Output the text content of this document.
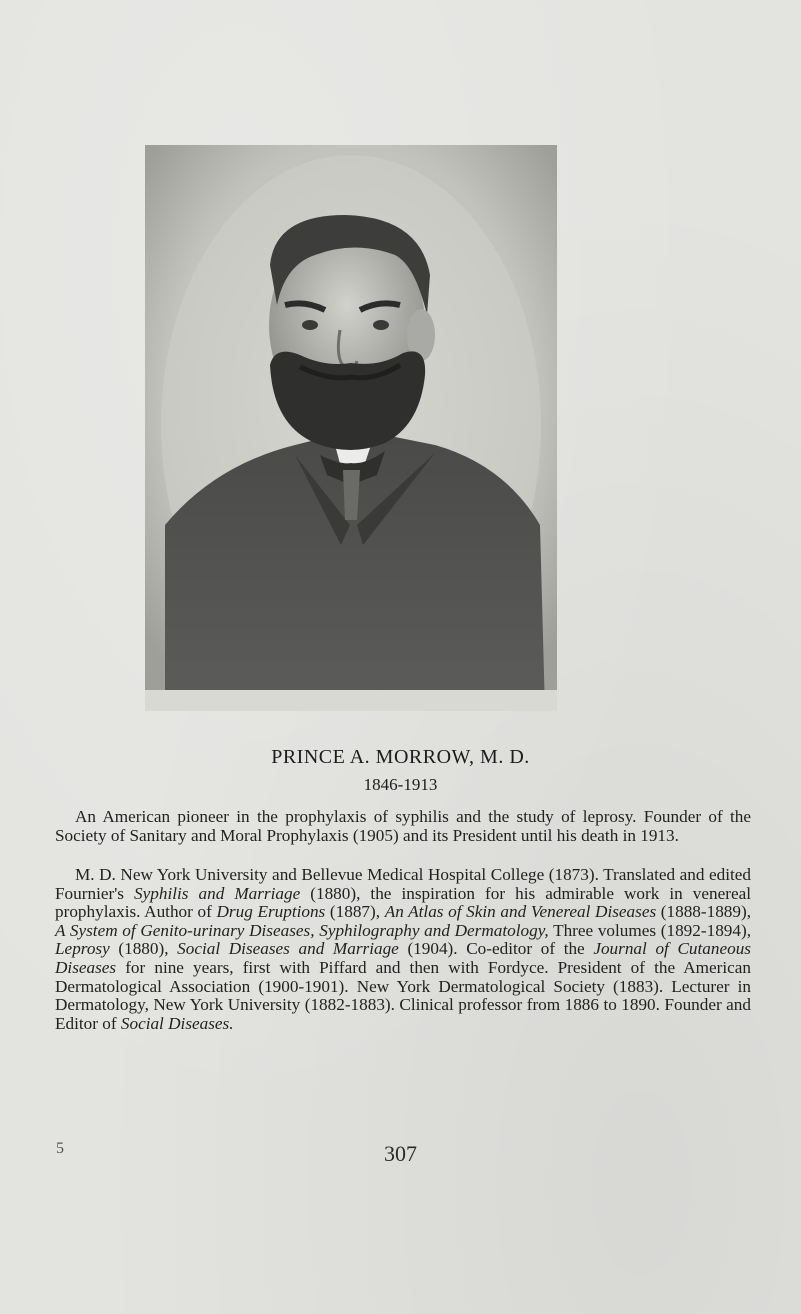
PRINCE A. MORROW, M. D.
1846-1913

An American pioneer in the prophylaxis of syphilis and the study of leprosy. Founder of the Society of Sanitary and Moral Prophylaxis (1905) and its President until his death in 1913.

M. D. New York University and Bellevue Medical Hospital College (1873). Translated and edited Fournier's Syphilis and Marriage (1880), the inspiration for his admirable work in venereal prophylaxis. Author of Drug Eruptions (1887), An Atlas of Skin and Venereal Diseases (1888-1889), A System of Genito-urinary Diseases, Syphilography and Dermatology, Three volumes (1892-1894), Leprosy (1880), Social Diseases and Marriage (1904). Co-editor of the Journal of Cutaneous Diseases for nine years, first with Piffard and then with Fordyce. President of the American Dermatological Association (1900-1901). New York Dermatological Society (1883). Lecturer in Dermatology, New York University (1882-1883). Clinical professor from 1886 to 1890. Founder and Editor of Social Diseases.

5	307
